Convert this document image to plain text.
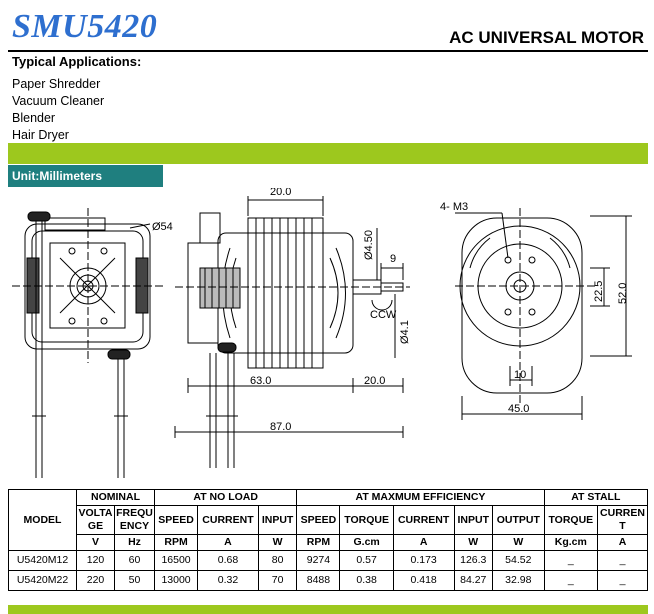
SMU5420	AC UNIVERSAL MOTOR
Typical Applications:
Paper Shredder
Vacuum Cleaner
Blender
Hair Dryer
Unit:Millimeters
Ø54
20.0
Ø4.50 9
CCW
Ø4.1
63.0	20.0
87.0
4- M3
22.5 52.0
10
45.0
MODEL	NOMINAL		AT NO LOAD			AT MAXMUM EFFICIENCY					AT STALL	
	VOLTA GE	FREQU ENCY	SPEED	CURRENT	INPUT	SPEED	TORQUE	CURRENT	INPUT	OUTPUT	TORQUE	CURREN T
	V	Hz	RPM	A	W	RPM	G.cm	A	W	W	Kg.cm	A
U5420M12	120	60	16500	0.68	80	9274	0.57	0.173	126.3	54.52	_	_
U5420M22	220	50	13000	0.32	70	8488	0.38	0.418	84.27	32.98	_	_
